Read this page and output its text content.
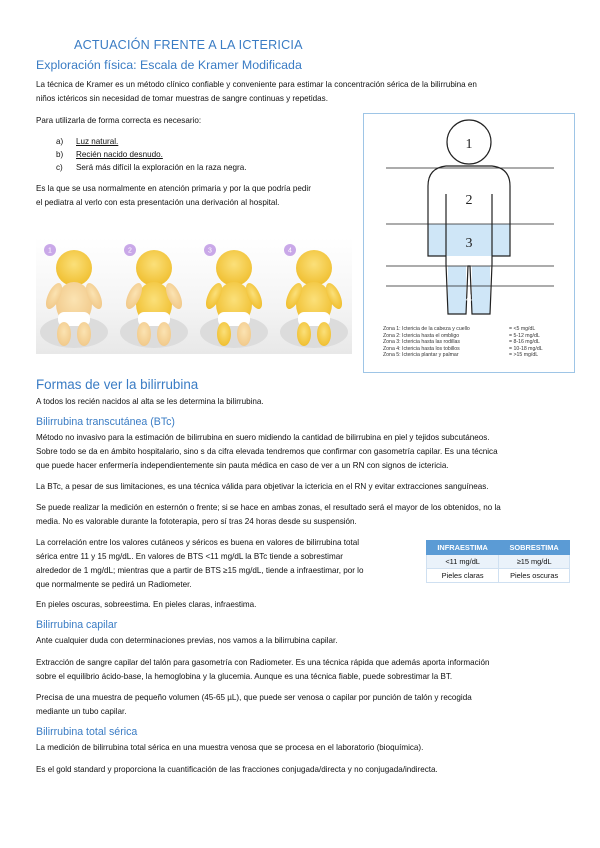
ACTUACIÓN FRENTE A LA ICTERICIA
Exploración física: Escala de Kramer Modificada
La técnica de Kramer es un método clínico confiable y conveniente para estimar la concentración sérica de la bilirrubina en
niños ictéricos sin necesidad de tomar muestras de sangre continuas y repetidas.
Para utilizarla de forma correcta es necesario:
a)	Luz natural.
b)	Recién nacido desnudo.
c)	Será más difícil la exploración en la raza negra.
Es la que se usa normalmente en atención primaria y por la que podría pedir
el pediatra al verlo con esta presentación una derivación al hospital.
1	2	3	4
1
2
3
4
Zona 1: Ictericia de la cabeza y cuello	= <5 mg/dL
Zona 2: Ictericia hasta el ombligo	= 5-12 mg/dL
Zona 3: Ictericia hasta las rodillas	= 8-16 mg/dL
Zona 4: Ictericia hasta los tobillos	= 10-18 mg/dL
Zona 5: Ictericia plantar y palmar	= >15 mg/dL
Formas de ver la bilirrubina
A todos los recién nacidos al alta se les determina la bilirrubina.
Bilirrubina transcutánea (BTc)
Método no invasivo para la estimación de bilirrubina en suero midiendo la cantidad de bilirrubina en piel y tejidos subcutáneos.
Sobre todo se da en ámbito hospitalario, sino s da cifra elevada tendremos que confirmar con gasometría capilar. Es una técnica
que puede hacer enfermería independientemente sin pauta médica en caso de ver a un RN con signos de ictericia.
La BTc, a pesar de sus limitaciones, es una técnica válida para objetivar la ictericia en el RN y evitar extracciones sanguíneas.
Se puede realizar la medición en esternón o frente; si se hace en ambas zonas, el resultado será el mayor de los obtenidos, no la
media. No es valorable durante la fototerapia, pero sí tras 24 horas desde su suspensión.
La correlación entre los valores cutáneos y séricos es buena en valores de bilirrubina total
sérica entre 11 y 15 mg/dL. En valores de BTS <11 mg/dL la BTc tiende a sobrestimar
alrededor de 1 mg/dL; mientras que a partir de BTS ≥15 mg/dL, tiende a infraestimar, por lo
que normalmente se pedirá un Radiometer.
INFRAESTIMA	SOBRESTIMA
<11 mg/dL	≥15 mg/dL
Pieles claras	Pieles oscuras
En pieles oscuras, sobreestima. En pieles claras, infraestima.
Bilirrubina capilar
Ante cualquier duda con determinaciones previas, nos vamos a la bilirrubina capilar.
Extracción de sangre capilar del talón para gasometría con Radiometer. Es una técnica rápida que además aporta información
sobre el equilibrio ácido-base, la hemoglobina y la glucemia. Aunque es una técnica fiable, puede sobrestimar la BT.
Precisa de una muestra de pequeño volumen (45-65 µL), que puede ser venosa o capilar por punción de talón y recogida
mediante un tubo capilar.
Bilirrubina total sérica
La medición de bilirrubina total sérica en una muestra venosa que se procesa en el laboratorio (bioquímica).
Es el gold standard y proporciona la cuantificación de las fracciones conjugada/directa y no conjugada/indirecta.
